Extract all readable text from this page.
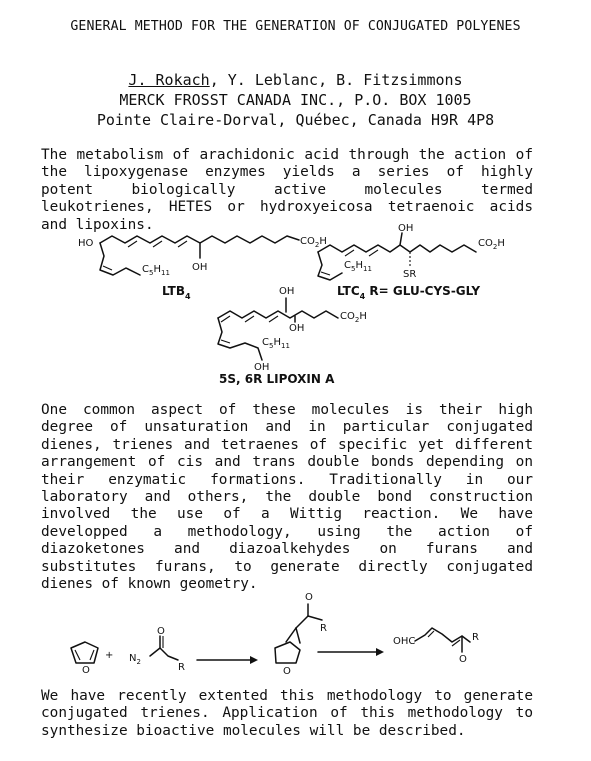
GENERAL METHOD FOR THE GENERATION OF CONJUGATED POLYENES
J. Rokach, Y. Leblanc, B. Fitzsimmons
MERCK FROSST CANADA INC., P.O. BOX 1005
Pointe Claire-Dorval, Québec, Canada H9R 4P8

The metabolism of arachidonic acid through the action of the lipoxygenase enzymes yields a series of highly potent biologically active molecules termed leukotrienes, HETES or hydroxyeicosa tetraenoic acids and lipoxins.

HO
OH
$CO_2H$
$C_5H_{11}$
$LTB_4$
OH
SR
$CO_2H$
$C_5H_{11}$
$LTC_4$ R= GLU-CYS-GLY
OH
OH
OH
$CO_2H$
$C_5H_{11}$
5S, 6R LIPOXIN A
O
+ $N_2$
O
R
O
R
O
OHC
O
R

One common aspect of these molecules is their high degree of unsaturation and in particular conjugated dienes, trienes and tetraenes of specific yet different arrangement of cis and trans double bonds depending on their enzymatic formations. Traditionally in our laboratory and others, the double bond construction involved the use of a Wittig reaction. We have developped a methodology, using the action of diazoketones and diazoalkehydes on furans and substitutes furans, to generate directly conjugated dienes of known geometry.

We have recently extented this methodology to generate conjugated trienes. Application of this methodology to synthesize bioactive molecules will be described.
